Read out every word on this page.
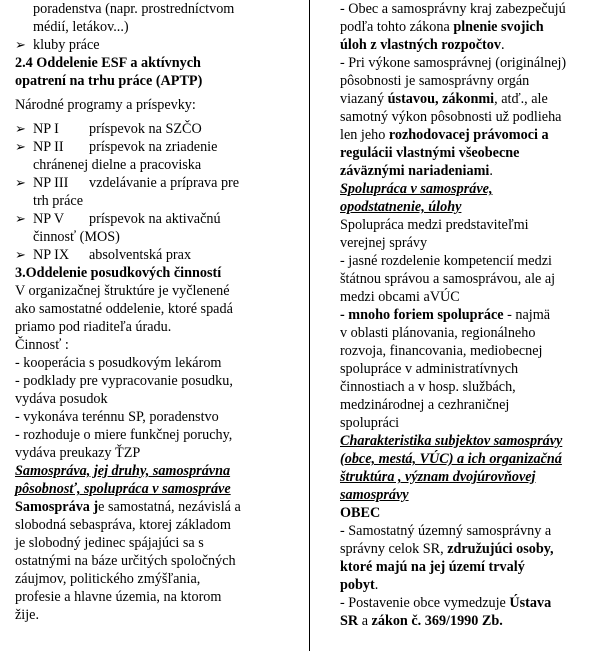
poradenstva (napr. prostredníctvom
médií, letákov...)
➢ kluby práce
2.4 Oddelenie ESF a aktívnych
opatrení na trhu práce (APTP)
Národné programy a príspevky:
➢ NP I príspevok na SZČO
➢ NP II príspevok na zriadenie
chránenej dielne a pracoviska
➢ NP III vzdelávanie a príprava pre
trh práce
➢ NP V príspevok na aktivačnú
činnosť (MOS)
➢ NP IX absolventská prax
3.Oddelenie posudkových činností
V organizačnej štruktúre je vyčlenené
ako samostatné oddelenie, ktoré spadá
priamo pod riaditeľa úradu.
Činnosť :
- kooperácia s posudkovým lekárom
- podklady pre vypracovanie posudku,
vydáva posudok
- vykonáva terénnu SP, poradenstvo
- rozhoduje o miere funkčnej poruchy,
vydáva preukazy ŤZP
Samospráva, jej druhy, samosprávna
pôsobnosť, spolupráca v samospráve
Samospráva je samostatná, nezávislá a
slobodná sebaspráva, ktorej základom
je slobodný jedinec spájajúci sa s
ostatnými na báze určitých spoločných
záujmov, politického zmýšľania,
profesie a hlavne územia, na ktorom
žije.
- Obec a samosprávny kraj zabezpečujú
podľa tohto zákona plnenie svojich
úloh z vlastných rozpočtov.
- Pri výkone samosprávnej (originálnej)
pôsobnosti je samosprávny orgán
viazaný ústavou, zákonmi, atď., ale
samotný výkon pôsobnosti už podlieha
len jeho rozhodovacej právomoci a
regulácii vlastnými všeobecne
záväznými nariadeniami.
Spolupráca v samospráve,
opodstatnenie, úlohy
Spolupráca medzi predstaviteľmi
verejnej správy
- jasné rozdelenie kompetencií medzi
štátnou správou a samosprávou, ale aj
medzi obcami aVÚC
- mnoho foriem spolupráce - najmä
v oblasti plánovania, regionálneho
rozvoja, financovania, mediobecnej
spolupráce v administratívnych
činnostiach a v hosp. službách,
medzinárodnej a cezhraničnej
spolupráci
Charakteristika subjektov samosprávy
(obce, mestá, VÚC) a ich organizačná
štruktúra , význam dvojúrovňovej
samosprávy
OBEC
- Samostatný územný samosprávny a
správny celok SR, združujúci osoby,
ktoré majú na jej území trvalý
pobyt.
- Postavenie obce vymedzuje Ústava
SR a zákon č. 369/1990 Zb.
